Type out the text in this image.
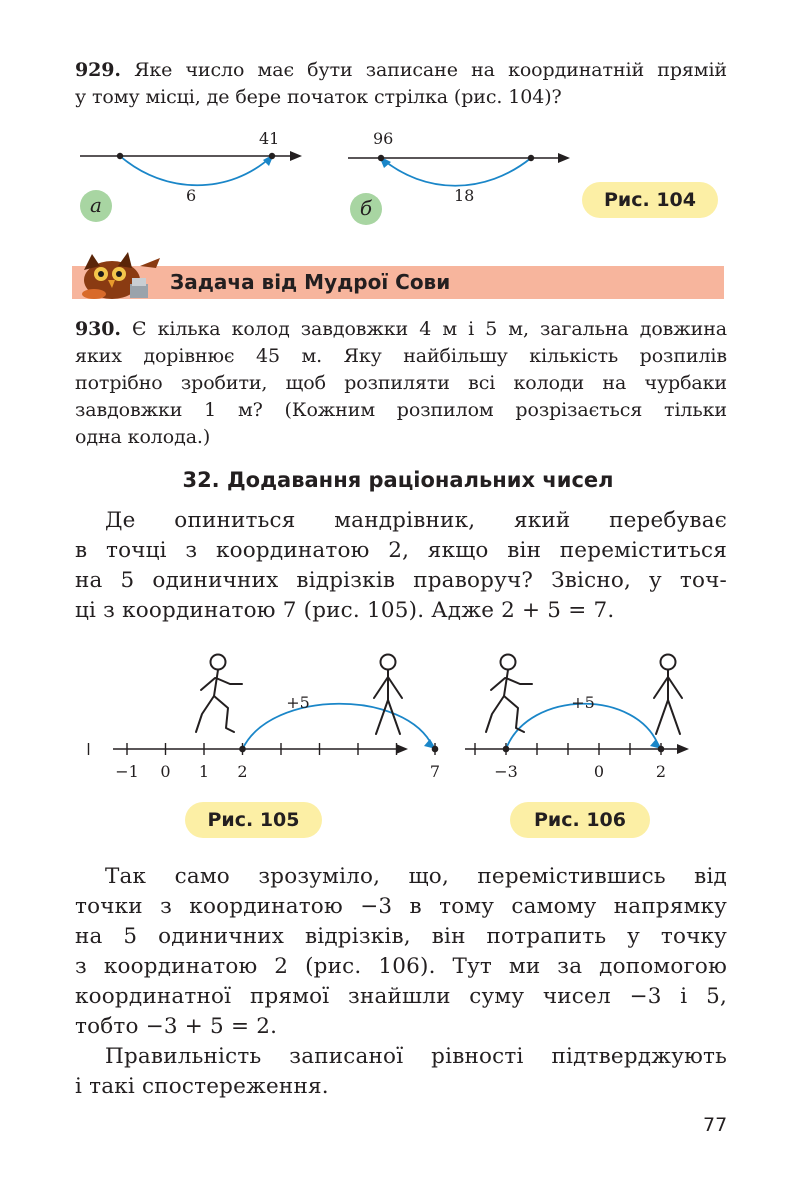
929. Яке число має бути записане на координатній прямій
у тому місці, де бере початок стрілка (рис. 104)?
41
6
а
96
18
б	Рис. 104
Задача від Мудрої Сови
930. Є кілька колод завдовжки 4 м і 5 м, загальна довжина
яких дорівнює 45 м. Яку найбільшу кількість розпилів
потрібно зробити, щоб розпиляти всі колоди на чурбаки
завдовжки 1 м? (Кожним розпилом розрізається тільки
одна колода.)
32. Додавання раціональних чисел
Де опиниться мандрівник, який перебуває
в точці з координатою 2, якщо він переміститься
на 5 одиничних відрізків праворуч? Звісно, у точ-
ці з координатою 7 (рис. 105). Адже 2 + 5 = 7.
−1 0 1 2	7
+5
Рис. 105
−3	0	2
+5
Рис. 106
Так само зрозуміло, що, перемістившись від
точки з координатою −3 в тому самому напрямку
на 5 одиничних відрізків, він потрапить у точку
з координатою 2 (рис. 106). Тут ми за допомогою
координатної прямої знайшли суму чисел −3 і 5,
тобто −3 + 5 = 2.
Правильність записаної рівності підтверджують
і такі спостереження.
77
